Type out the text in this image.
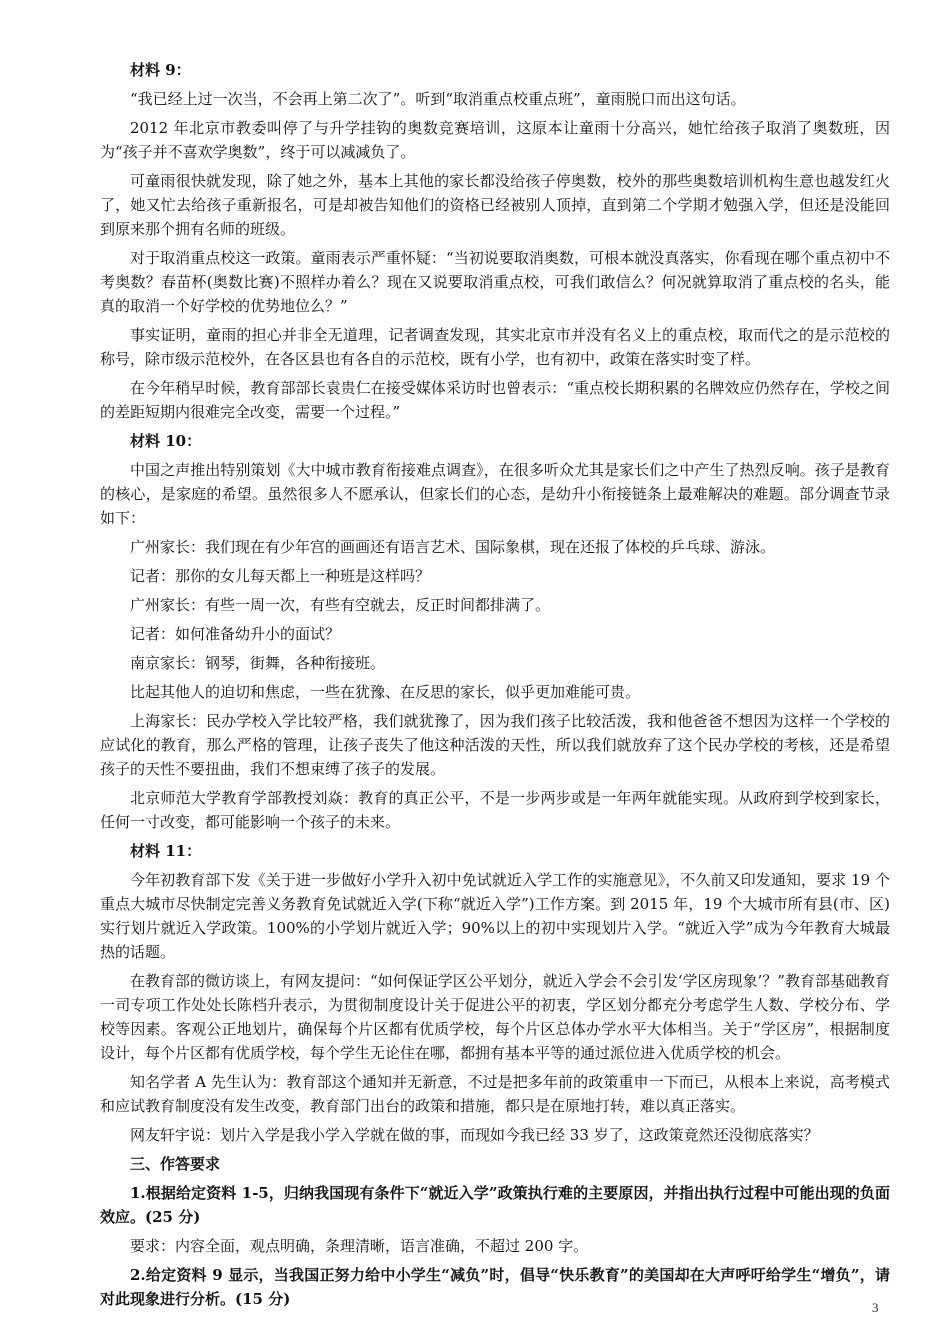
材料 9：

“我已经上过一次当，不会再上第二次了”。听到“取消重点校重点班”，童雨脱口而出这句话。

2012 年北京市教委叫停了与升学挂钩的奥数竞赛培训，这原本让童雨十分高兴，她忙给孩子取消了奥数班，因为“孩子并不喜欢学奥数”，终于可以减减负了。

可童雨很快就发现，除了她之外，基本上其他的家长都没给孩子停奥数，校外的那些奥数培训机构生意也越发红火了，她又忙去给孩子重新报名，可是却被告知他们的资格已经被别人顶掉，直到第二个学期才勉强入学，但还是没能回到原来那个拥有名师的班级。

对于取消重点校这一政策。童雨表示严重怀疑：“当初说要取消奥数，可根本就没真落实，你看现在哪个重点初中不考奥数？春苗杯(奥数比赛)不照样办着么？现在又说要取消重点校，可我们敢信么？何况就算取消了重点校的名头，能真的取消一个好学校的优势地位么？”

事实证明，童雨的担心并非全无道理，记者调查发现，其实北京市并没有名义上的重点校，取而代之的是示范校的称号，除市级示范校外，在各区县也有各自的示范校，既有小学，也有初中，政策在落实时变了样。

在今年稍早时候，教育部部长袁贵仁在接受媒体采访时也曾表示：“重点校长期积累的名牌效应仍然存在，学校之间的差距短期内很难完全改变，需要一个过程。”

材料 10：

中国之声推出特别策划《大中城市教育衔接难点调查》，在很多听众尤其是家长们之中产生了热烈反响。孩子是教育的核心，是家庭的希望。虽然很多人不愿承认，但家长们的心态，是幼升小衔接链条上最难解决的难题。部分调查节录如下：

广州家长：我们现在有少年宫的画画还有语言艺术、国际象棋，现在还报了体校的乒乓球、游泳。

记者：那你的女儿每天都上一种班是这样吗？

广州家长：有些一周一次，有些有空就去，反正时间都排满了。

记者：如何准备幼升小的面试？

南京家长：钢琴，街舞，各种衔接班。

比起其他人的迫切和焦虑，一些在犹豫、在反思的家长，似乎更加难能可贵。

上海家长：民办学校入学比较严格，我们就犹豫了，因为我们孩子比较活泼，我和他爸爸不想因为这样一个学校的应试化的教育，那么严格的管理，让孩子丧失了他这种活泼的天性，所以我们就放弃了这个民办学校的考核，还是希望孩子的天性不要扭曲，我们不想束缚了孩子的发展。

北京师范大学教育学部教授刘焱：教育的真正公平，不是一步两步或是一年两年就能实现。从政府到学校到家长，任何一寸改变，都可能影响一个孩子的未来。

材料 11：

今年初教育部下发《关于进一步做好小学升入初中免试就近入学工作的实施意见》，不久前又印发通知，要求 19 个重点大城市尽快制定完善义务教育免试就近入学(下称“就近入学”)工作方案。到 2015 年，19 个大城市所有县(市、区)实行划片就近入学政策。100%的小学划片就近入学；90%以上的初中实现划片入学。“就近入学”成为今年教育大城最热的话题。

在教育部的微访谈上，有网友提问：“如何保证学区公平划分，就近入学会不会引发‘学区房现象’？”教育部基础教育一司专项工作处处长陈档升表示，为贯彻制度设计关于促进公平的初衷，学区划分都充分考虑学生人数、学校分布、学校等因素。客观公正地划片，确保每个片区都有优质学校，每个片区总体办学水平大体相当。关于“学区房”，根据制度设计，每个片区都有优质学校，每个学生无论住在哪，都拥有基本平等的通过派位进入优质学校的机会。

知名学者 A 先生认为：教育部这个通知并无新意，不过是把多年前的政策重申一下而已，从根本上来说，高考模式和应试教育制度没有发生改变，教育部门出台的政策和措施，都只是在原地打转，难以真正落实。

网友轩宇说：划片入学是我小学入学就在做的事，而现如今我已经 33 岁了，这政策竟然还没彻底落实？

三、作答要求

1.根据给定资料 1-5，归纳我国现有条件下“就近入学”政策执行难的主要原因，并指出执行过程中可能出现的负面效应。(25 分)

要求：内容全面，观点明确，条理清晰，语言准确，不超过 200 字。

2.给定资料 9 显示，当我国正努力给中小学生“减负”时，倡导“快乐教育”的美国却在大声呼吁给学生“增负”，请对此现象进行分析。(15 分)	3
